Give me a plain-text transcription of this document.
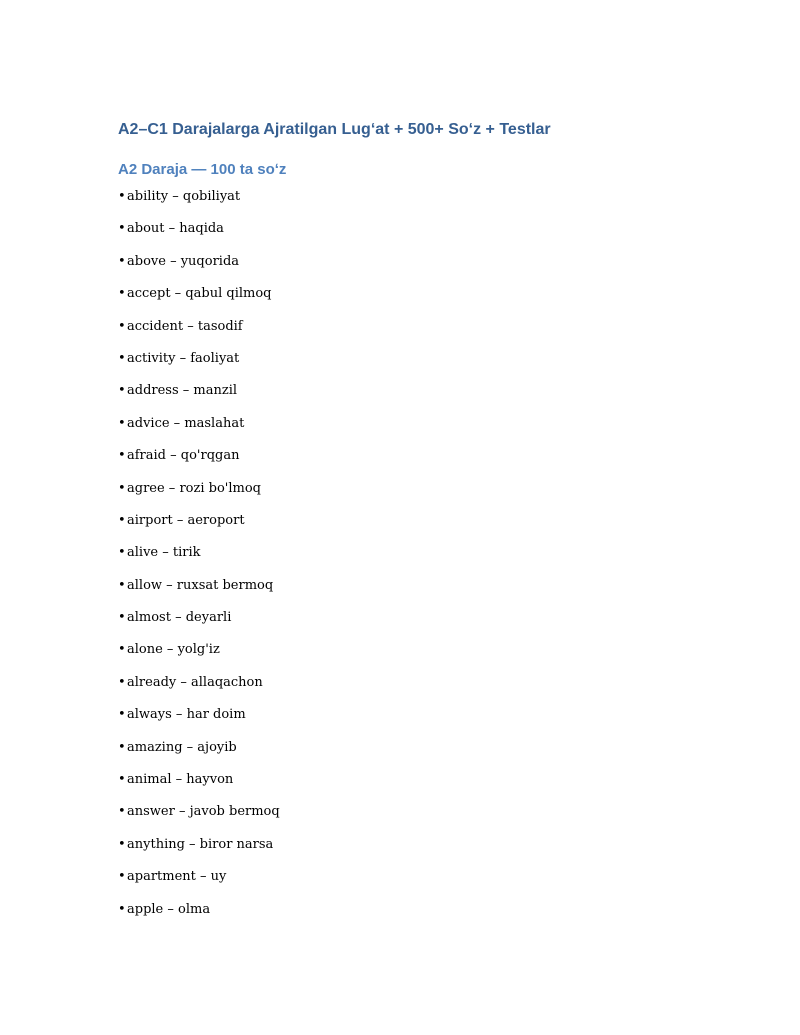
A2–C1 Darajalarga Ajratilgan Lugʻat + 500+ Soʻz + Testlar
A2 Daraja — 100 ta soʻz
•ability – qobiliyat
•about – haqida
•above – yuqorida
•accept – qabul qilmoq
•accident – tasodif
•activity – faoliyat
•address – manzil
•advice – maslahat
•afraid – qo'rqgan
•agree – rozi bo'lmoq
•airport – aeroport
•alive – tirik
•allow – ruxsat bermoq
•almost – deyarli
•alone – yolg'iz
•already – allaqachon
•always – har doim
•amazing – ajoyib
•animal – hayvon
•answer – javob bermoq
•anything – biror narsa
•apartment – uy
•apple – olma
